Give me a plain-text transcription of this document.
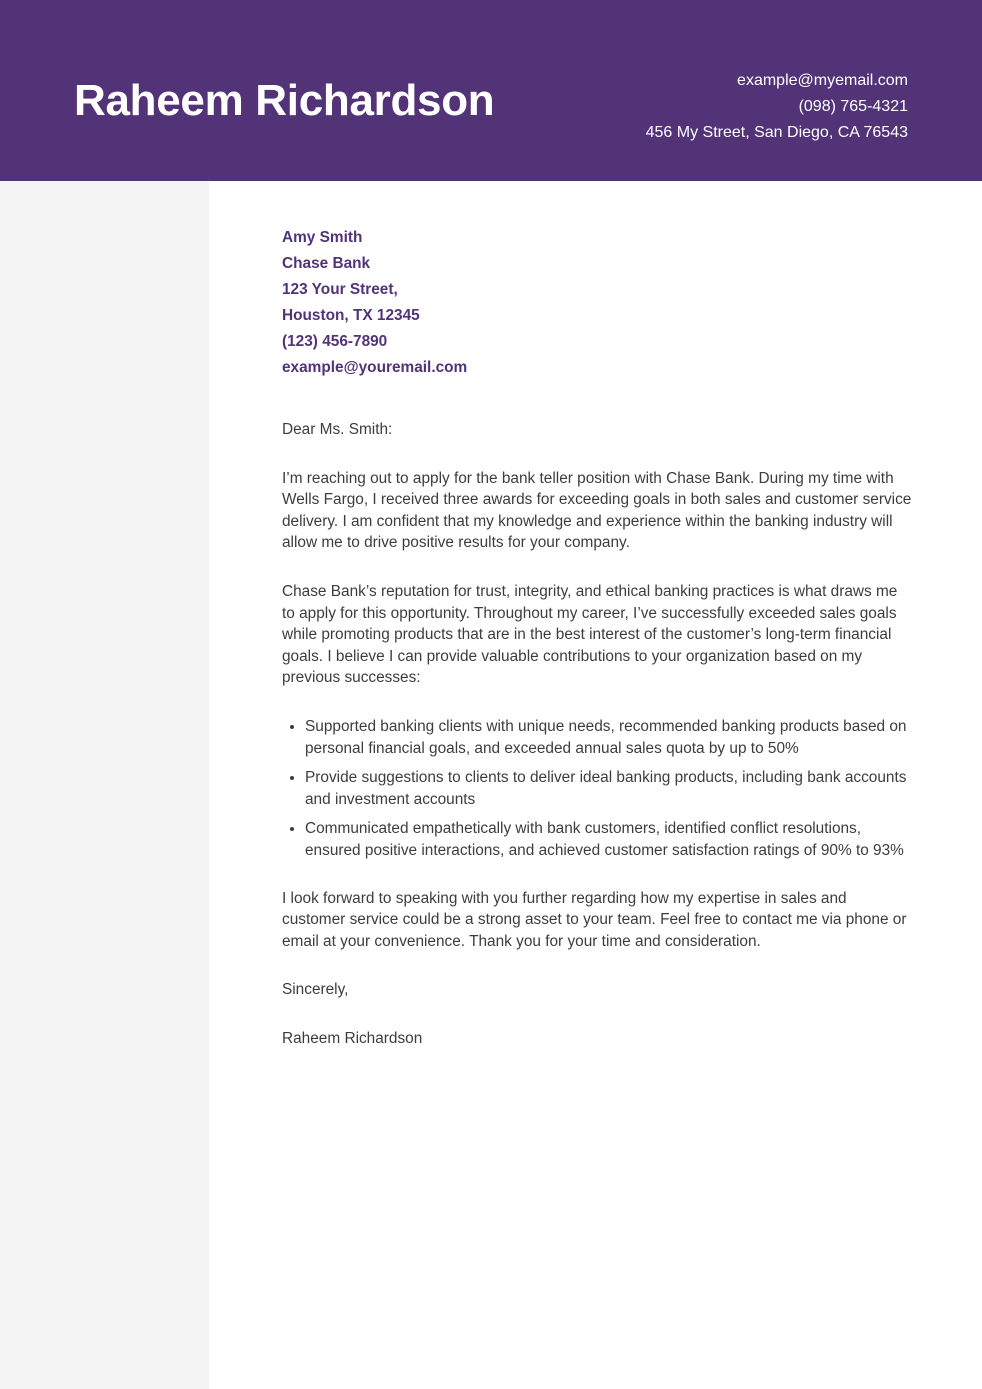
Raheem Richardson	example@myemail.com
(098) 765-4321
456 My Street, San Diego, CA 76543
Amy Smith
Chase Bank
123 Your Street,
Houston, TX 12345
(123) 456-7890
example@youremail.com

Dear Ms. Smith:

I’m reaching out to apply for the bank teller position with Chase Bank. During my time with Wells Fargo, I received three awards for exceeding goals in both sales and customer service delivery. I am confident that my knowledge and experience within the banking industry will allow me to drive positive results for your company.

Chase Bank’s reputation for trust, integrity, and ethical banking practices is what draws me to apply for this opportunity. Throughout my career, I’ve successfully exceeded sales goals while promoting products that are in the best interest of the customer’s long-term financial goals. I believe I can provide valuable contributions to your organization based on my previous successes:

• Supported banking clients with unique needs, recommended banking products based on personal financial goals, and exceeded annual sales quota by up to 50%
• Provide suggestions to clients to deliver ideal banking products, including bank accounts and investment accounts
• Communicated empathetically with bank customers, identified conflict resolutions, ensured positive interactions, and achieved customer satisfaction ratings of 90% to 93%

I look forward to speaking with you further regarding how my expertise in sales and customer service could be a strong asset to your team. Feel free to contact me via phone or email at your convenience. Thank you for your time and consideration.

Sincerely,

Raheem Richardson
